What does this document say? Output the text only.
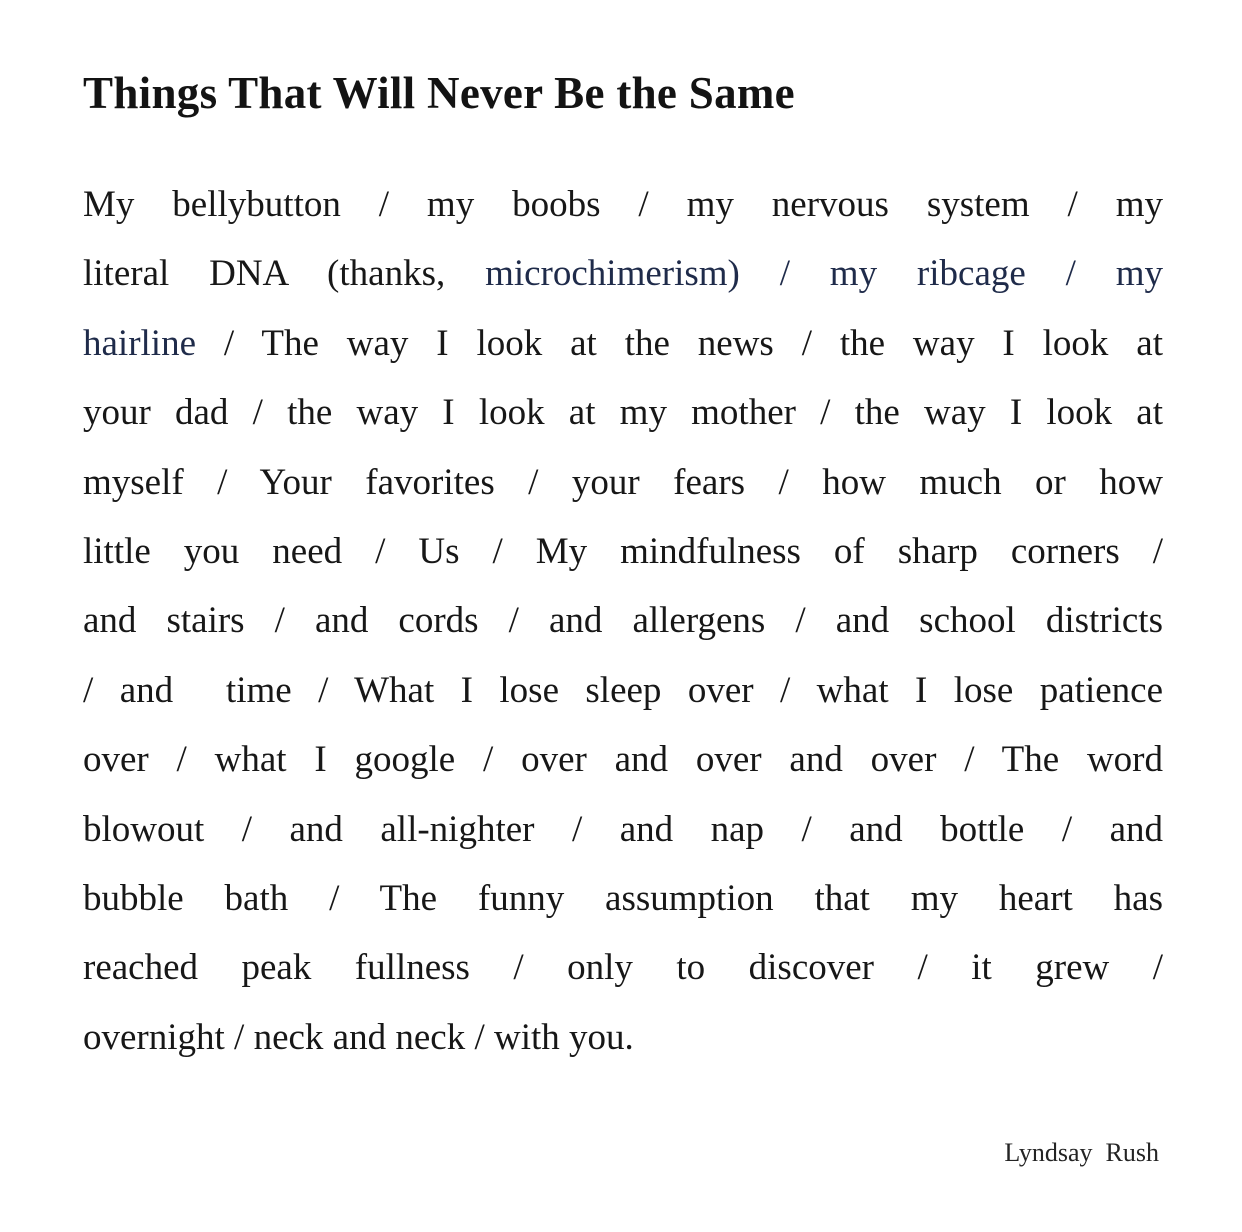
Things That Will Never Be the Same
My bellybutton / my boobs / my nervous system / my
literal DNA (thanks, microchimerism) / my ribcage / my
hairline / The way I look at the news / the way I look at
your dad / the way I look at my mother / the way I look at
myself / Your favorites / your fears / how much or how
little you need / Us / My mindfulness of sharp corners /
and stairs / and cords / and allergens / and school districts
/ and  time / What I lose sleep over / what I lose patience
over / what I google / over and over and over / The word
blowout / and all-nighter / and nap / and bottle / and
bubble bath / The funny assumption that my heart has
reached peak fullness / only to discover / it grew /
overnight / neck and neck / with you.
Lyndsay  Rush
